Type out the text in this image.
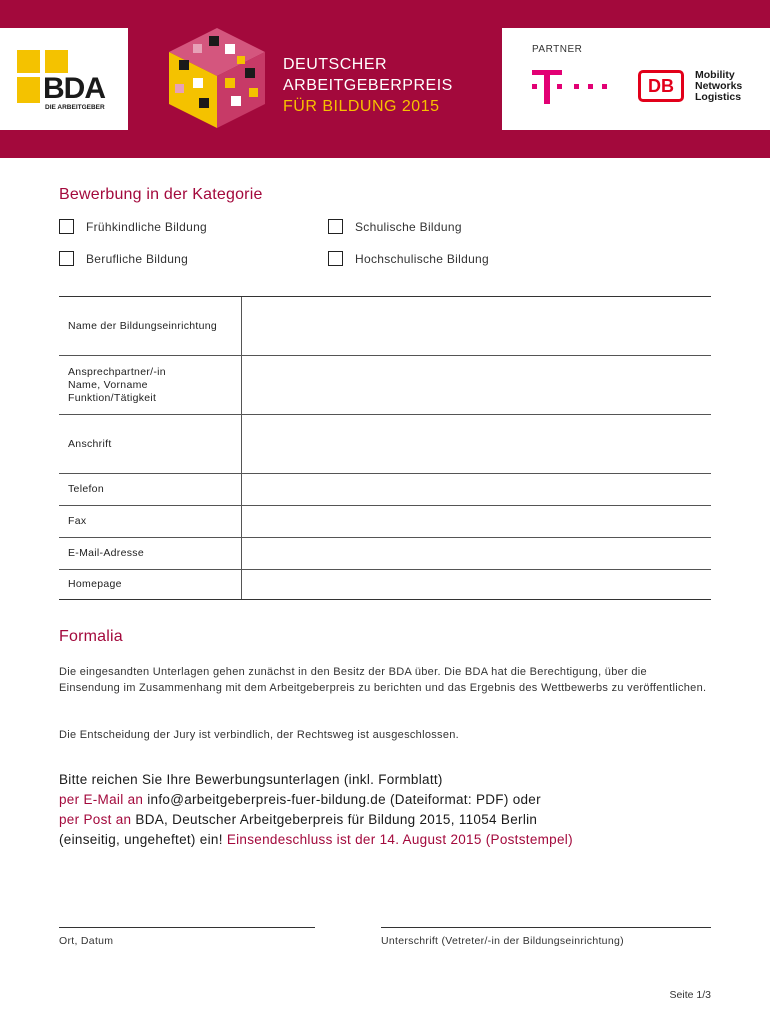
BDA
DIE ARBEITGEBER
DEUTSCHER
ARBEITGEBERPREIS
FÜR BILDUNG 2015
PARTNER
DB
Mobility
Networks
Logistics
Bewerbung in der Kategorie
Frühkindliche Bildung	Schulische Bildung
Berufliche Bildung	Hochschulische Bildung
Name der Bildungseinrichtung
Ansprechpartner/-in
Name, Vorname
Funktion/Tätigkeit
Anschrift
Telefon
Fax
E-Mail-Adresse
Homepage
Formalia
Die eingesandten Unterlagen gehen zunächst in den Besitz der BDA über. Die BDA hat die Berechtigung, über die Einsendung im Zusammenhang mit dem Arbeitgeberpreis zu berichten und das Ergebnis des Wettbewerbs zu veröffentlichen.
Die Entscheidung der Jury ist verbindlich, der Rechtsweg ist ausgeschlossen.
Bitte reichen Sie Ihre Bewerbungsunterlagen (inkl. Formblatt)
per E-Mail an info@arbeitgeberpreis-fuer-bildung.de (Dateiformat: PDF) oder
per Post an BDA, Deutscher Arbeitgeberpreis für Bildung 2015, 11054 Berlin
(einseitig, ungeheftet) ein! Einsendeschluss ist der 14. August 2015 (Poststempel)
Ort, Datum	Unterschrift (Vetreter/-in der Bildungseinrichtung)
Seite 1/3
